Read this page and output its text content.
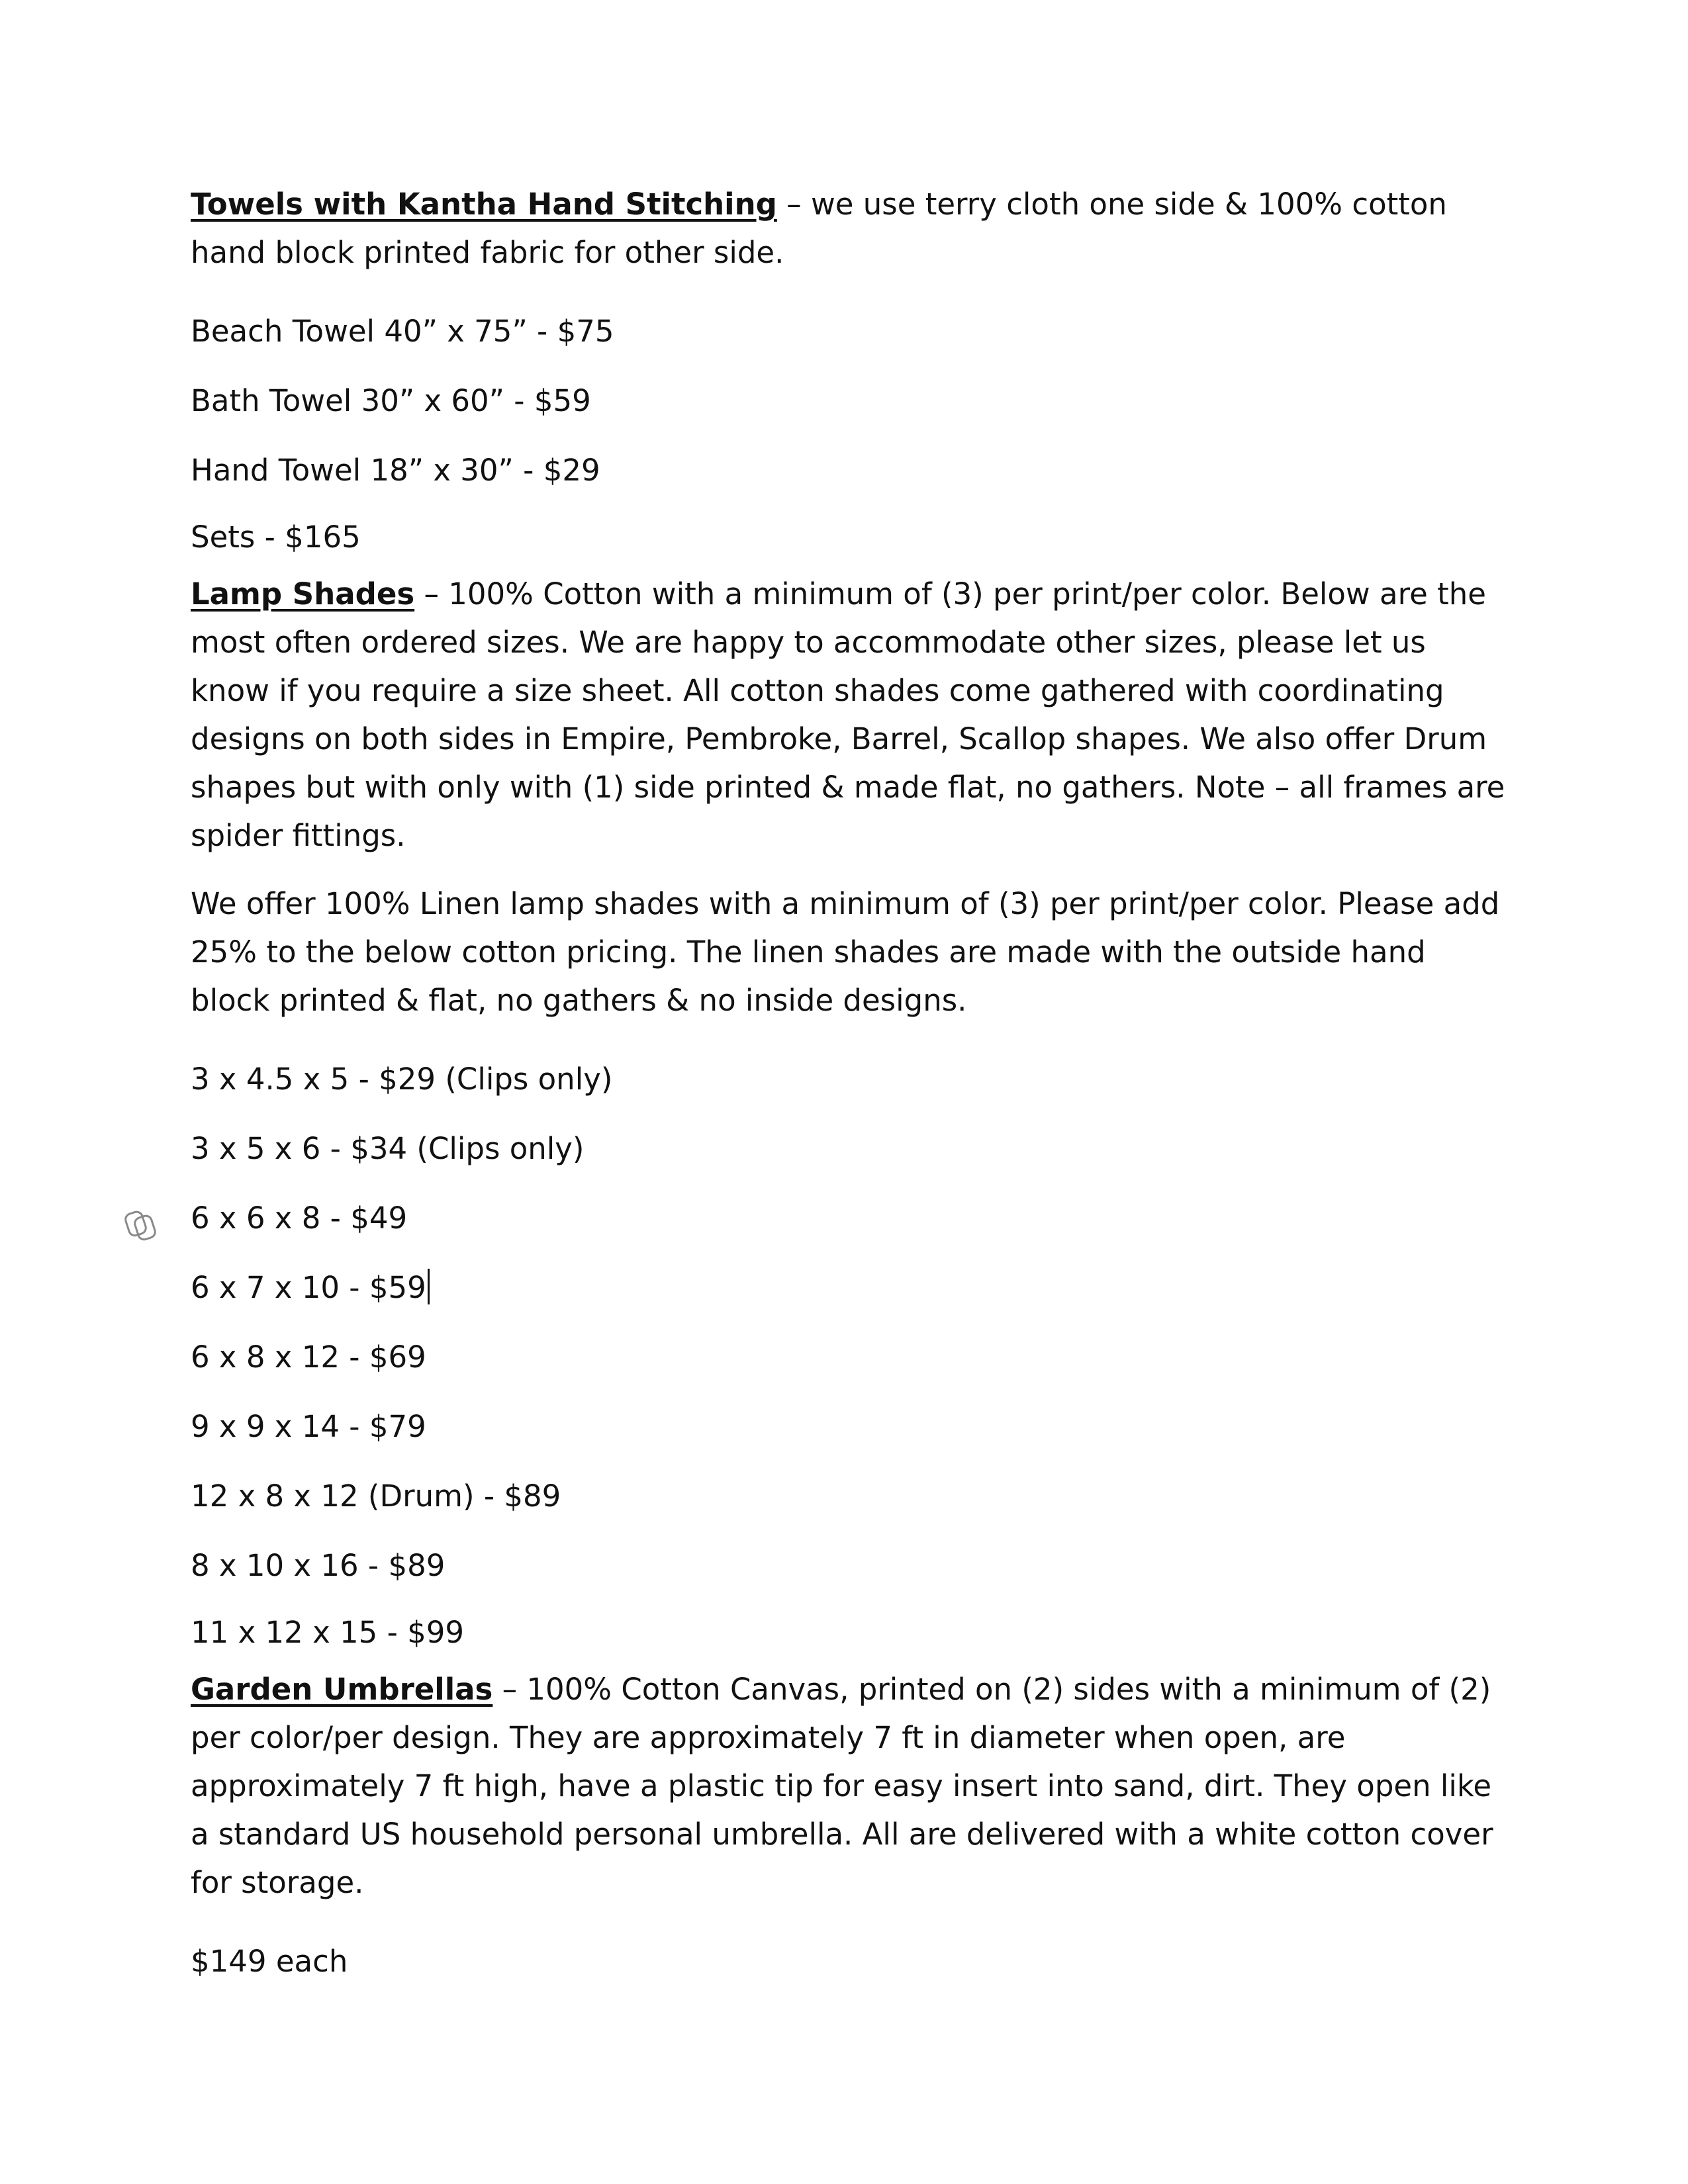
Towels with Kantha Hand Stitching – we use terry cloth one side & 100% cotton hand block printed fabric for other side.

Beach Towel 40” x 75” - $75

Bath Towel 30” x 60” - $59

Hand Towel 18” x 30” - $29

Sets - $165

Lamp Shades – 100% Cotton with a minimum of (3) per print/per color. Below are the most often ordered sizes. We are happy to accommodate other sizes, please let us know if you require a size sheet. All cotton shades come gathered with coordinating designs on both sides in Empire, Pembroke, Barrel, Scallop shapes. We also offer Drum shapes but with only with (1) side printed & made flat, no gathers. Note – all frames are spider fittings.

We offer 100% Linen lamp shades with a minimum of (3) per print/per color. Please add 25% to the below cotton pricing. The linen shades are made with the outside hand block printed & flat, no gathers & no inside designs.

3 x 4.5 x 5 - $29 (Clips only)

3 x 5 x 6 - $34 (Clips only)

6 x 6 x 8 - $49

6 x 7 x 10 - $59

6 x 8 x 12 - $69

9 x 9 x 14 - $79

12 x 8 x 12 (Drum) - $89

8 x 10 x 16 - $89

11 x 12 x 15 - $99

Garden Umbrellas – 100% Cotton Canvas, printed on (2) sides with a minimum of (2) per color/per design. They are approximately 7 ft in diameter when open, are approximately 7 ft high, have a plastic tip for easy insert into sand, dirt. They open like a standard US household personal umbrella. All are delivered with a white cotton cover for storage.

$149 each
